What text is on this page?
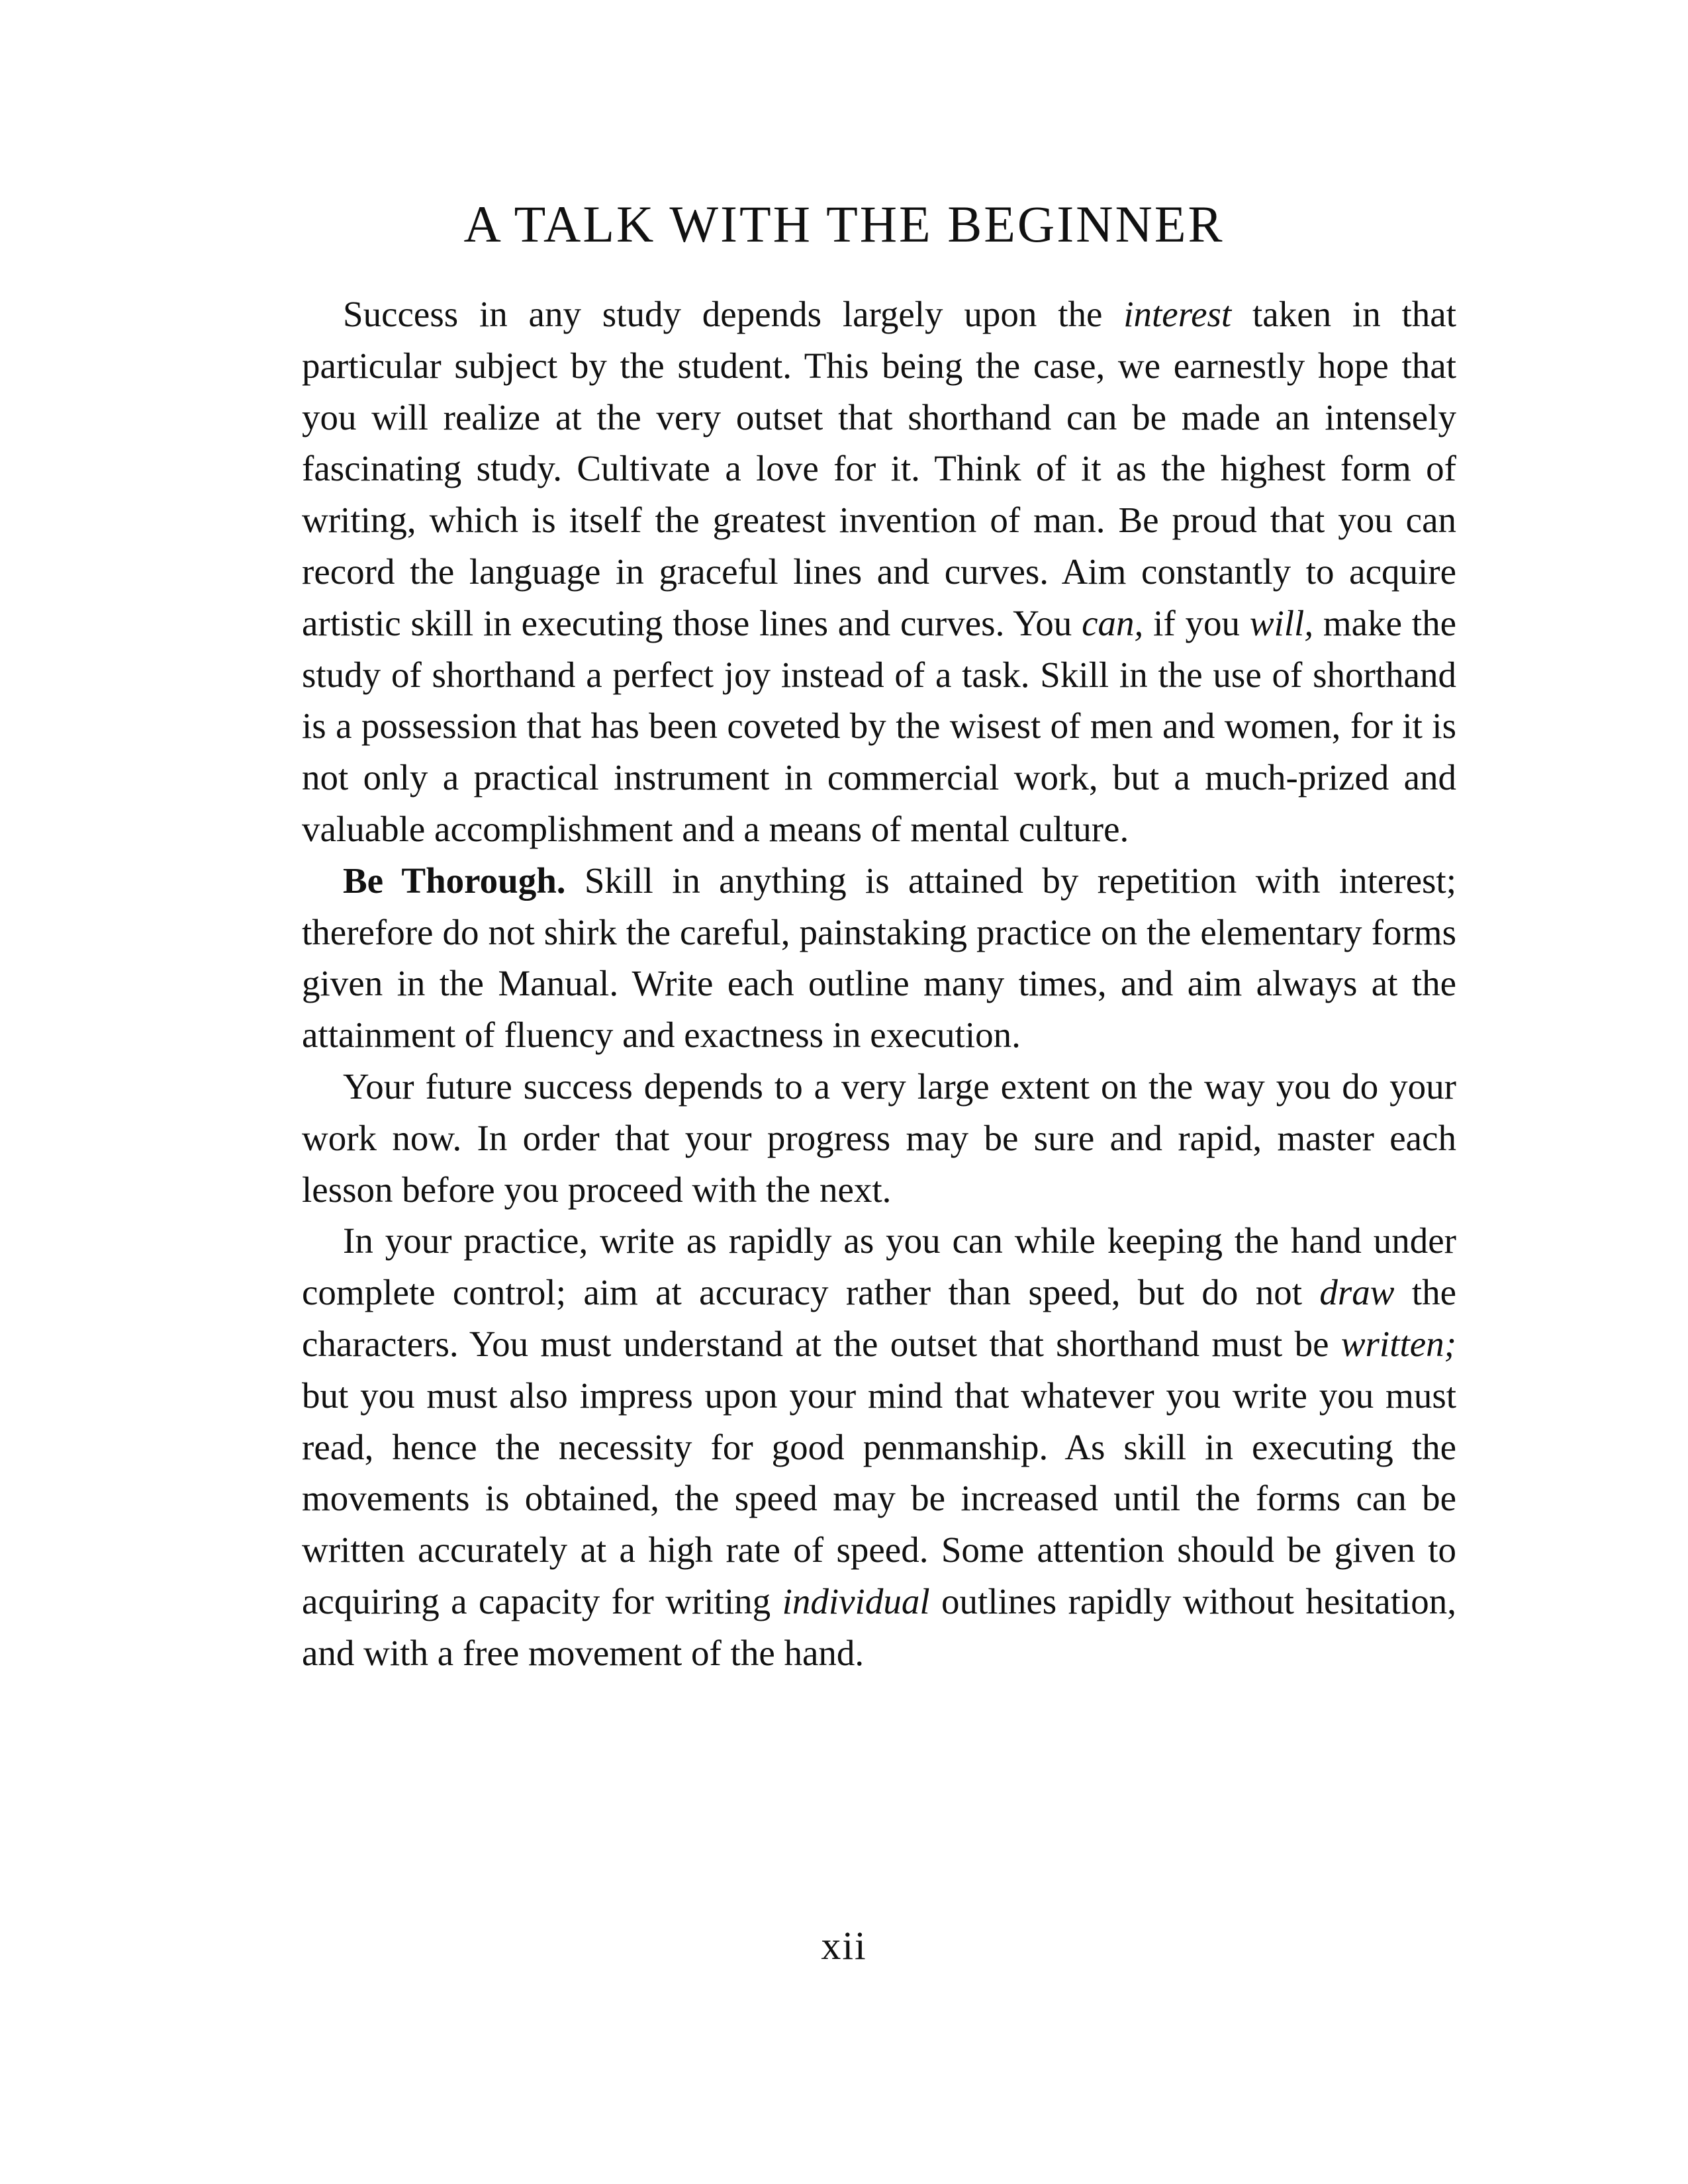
A TALK WITH THE BEGINNER

Success in any study depends largely upon the interest taken in that particular subject by the student. This being the case, we earnestly hope that you will realize at the very outset that shorthand can be made an intensely fascinating study. Cultivate a love for it. Think of it as the highest form of writing, which is itself the greatest invention of man. Be proud that you can record the language in graceful lines and curves. Aim constantly to acquire artistic skill in executing those lines and curves. You can, if you will, make the study of shorthand a perfect joy instead of a task. Skill in the use of shorthand is a possession that has been coveted by the wisest of men and women, for it is not only a practical instrument in commercial work, but a much-prized and valuable accomplishment and a means of mental culture.

Be Thorough. Skill in anything is attained by repetition with interest; therefore do not shirk the careful, painstaking practice on the elementary forms given in the Manual. Write each outline many times, and aim always at the attainment of fluency and exactness in execution.

Your future success depends to a very large extent on the way you do your work now. In order that your progress may be sure and rapid, master each lesson before you proceed with the next.

In your practice, write as rapidly as you can while keeping the hand under complete control; aim at accuracy rather than speed, but do not draw the characters. You must understand at the outset that shorthand must be written; but you must also impress upon your mind that whatever you write you must read, hence the necessity for good penmanship. As skill in executing the movements is obtained, the speed may be increased until the forms can be written accurately at a high rate of speed. Some attention should be given to acquiring a capacity for writing individual outlines rapidly without hesitation, and with a free movement of the hand.

xii
